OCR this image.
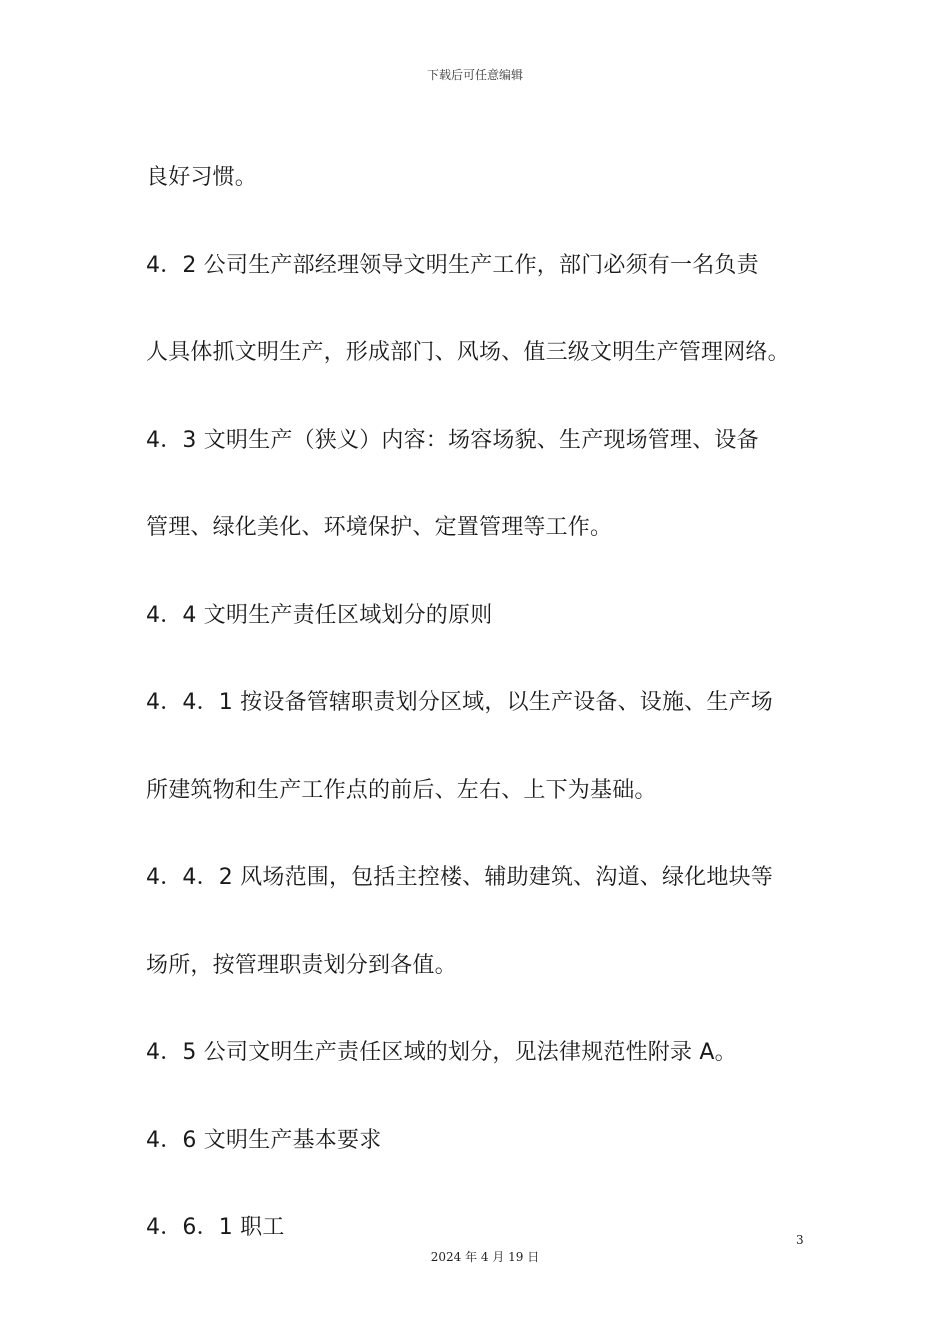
下载后可任意编辑
良好习惯。
4．2 公司生产部经理领导文明生产工作，部门必须有一名负责
人具体抓文明生产，形成部门、风场、值三级文明生产管理网络。
4．3 文明生产（狭义）内容：场容场貌、生产现场管理、设备
管理、绿化美化、环境保护、定置管理等工作。
4．4 文明生产责任区域划分的原则
4．4．1 按设备管辖职责划分区域，以生产设备、设施、生产场
所建筑物和生产工作点的前后、左右、上下为基础。
4．4．2 风场范围，包括主控楼、辅助建筑、沟道、绿化地块等
场所，按管理职责划分到各值。
4．5 公司文明生产责任区域的划分，见法律规范性附录 A。
4．6 文明生产基本要求
4．6．1 职工	3
2024 年 4 月 19 日
